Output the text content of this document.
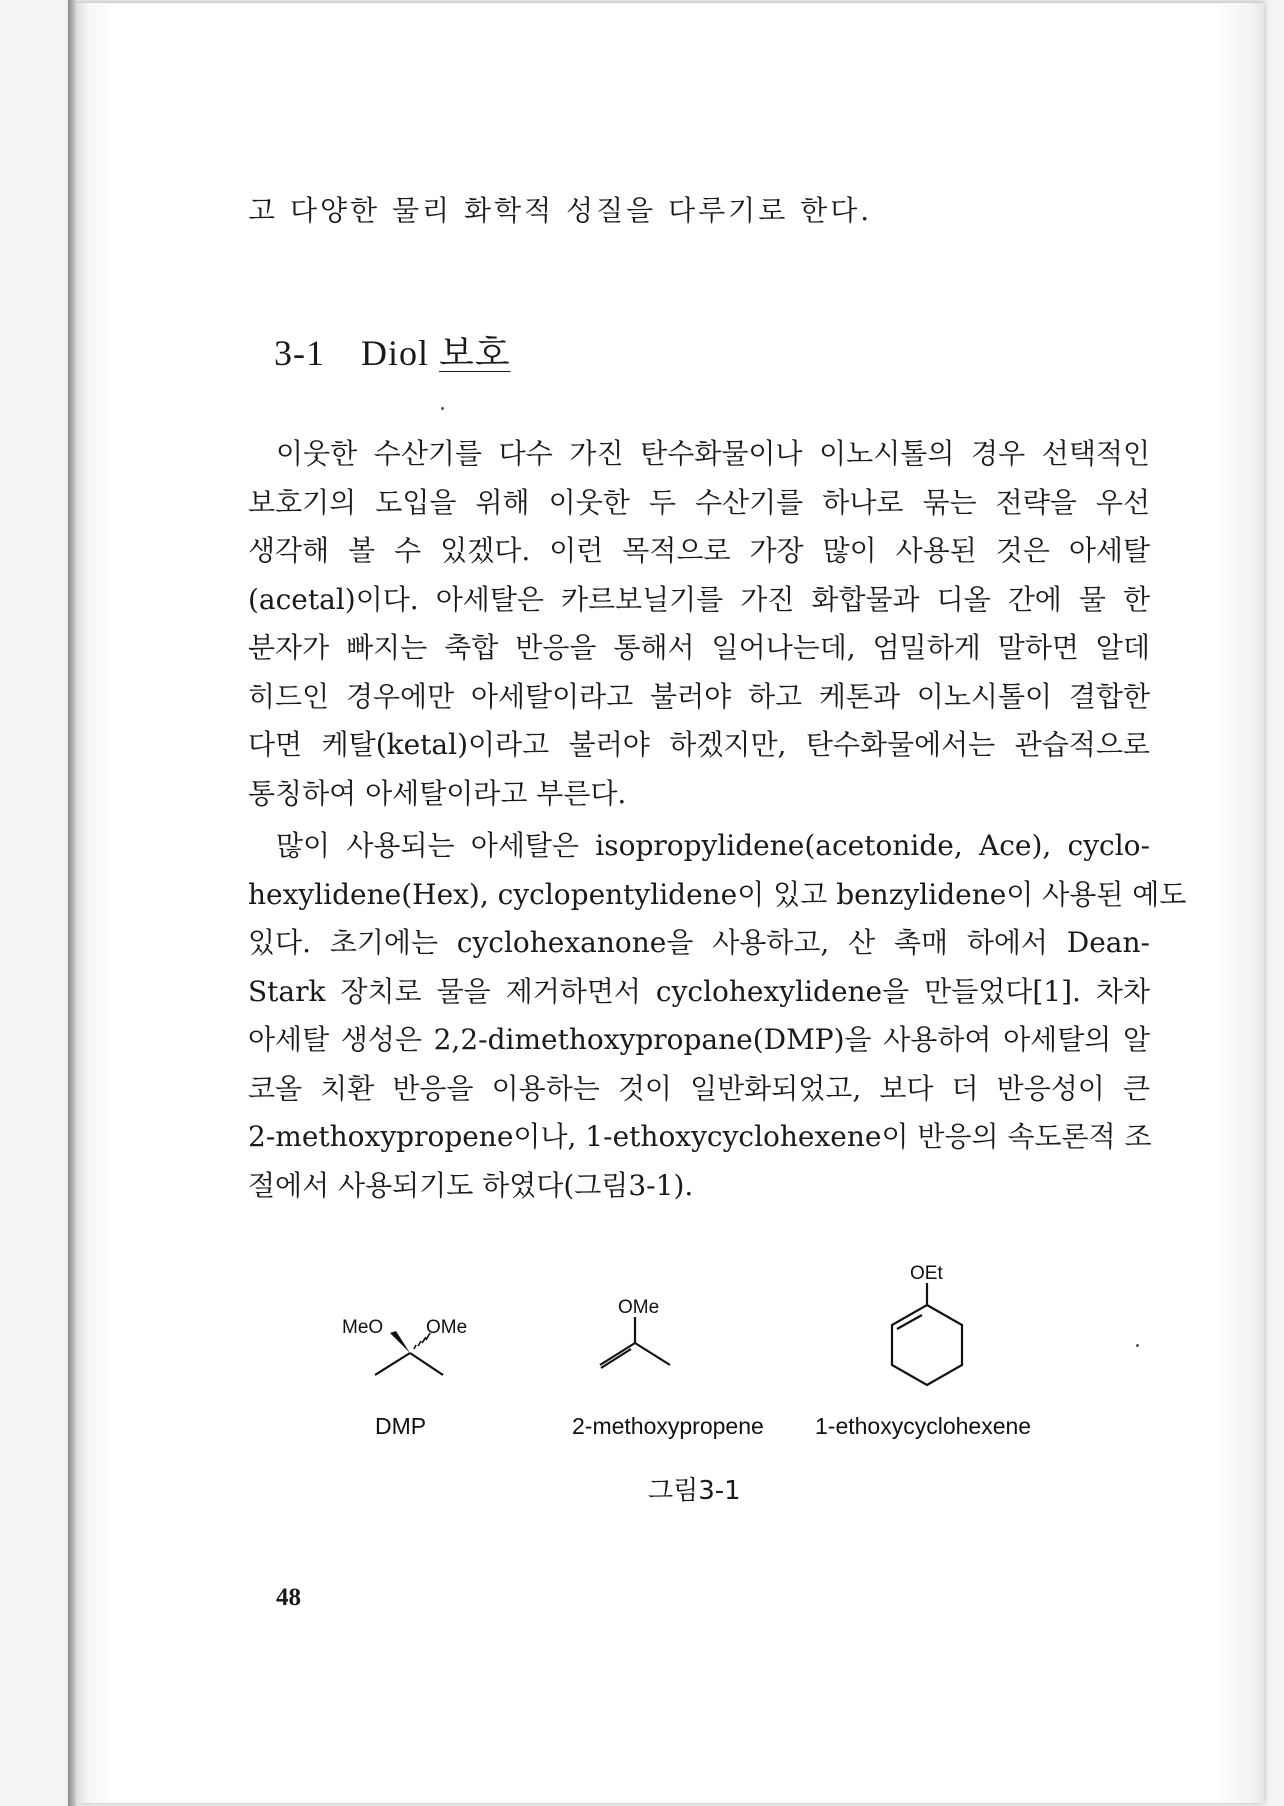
고 다양한 물리 화학적 성질을 다루기로 한다.
3-1 Diol 보호
이웃한 수산기를 다수 가진 탄수화물이나 이노시톨의 경우 선택적인
보호기의 도입을 위해 이웃한 두 수산기를 하나로 묶는 전략을 우선
생각해 볼 수 있겠다. 이런 목적으로 가장 많이 사용된 것은 아세탈
(acetal)이다. 아세탈은 카르보닐기를 가진 화합물과 디올 간에 물 한
분자가 빠지는 축합 반응을 통해서 일어나는데, 엄밀하게 말하면 알데
히드인 경우에만 아세탈이라고 불러야 하고 케톤과 이노시톨이 결합한
다면 케탈(ketal)이라고 불러야 하겠지만, 탄수화물에서는 관습적으로
통칭하여 아세탈이라고 부른다.
많이 사용되는 아세탈은 isopropylidene(acetonide, Ace), cyclo-
hexylidene(Hex), cyclopentylidene이 있고 benzylidene이 사용된 예도
있다. 초기에는 cyclohexanone을 사용하고, 산 촉매 하에서 Dean-
Stark 장치로 물을 제거하면서 cyclohexylidene을 만들었다[1]. 차차
아세탈 생성은 2,2-dimethoxypropane(DMP)을 사용하여 아세탈의 알
코올 치환 반응을 이용하는 것이 일반화되었고, 보다 더 반응성이 큰
2-methoxypropene이나, 1-ethoxycyclohexene이 반응의 속도론적 조
절에서 사용되기도 하였다(그림3-1).
MeO OMe
OMe
OEt
DMP	2-methoxypropene 1-ethoxycyclohexene
그림3-1
48
